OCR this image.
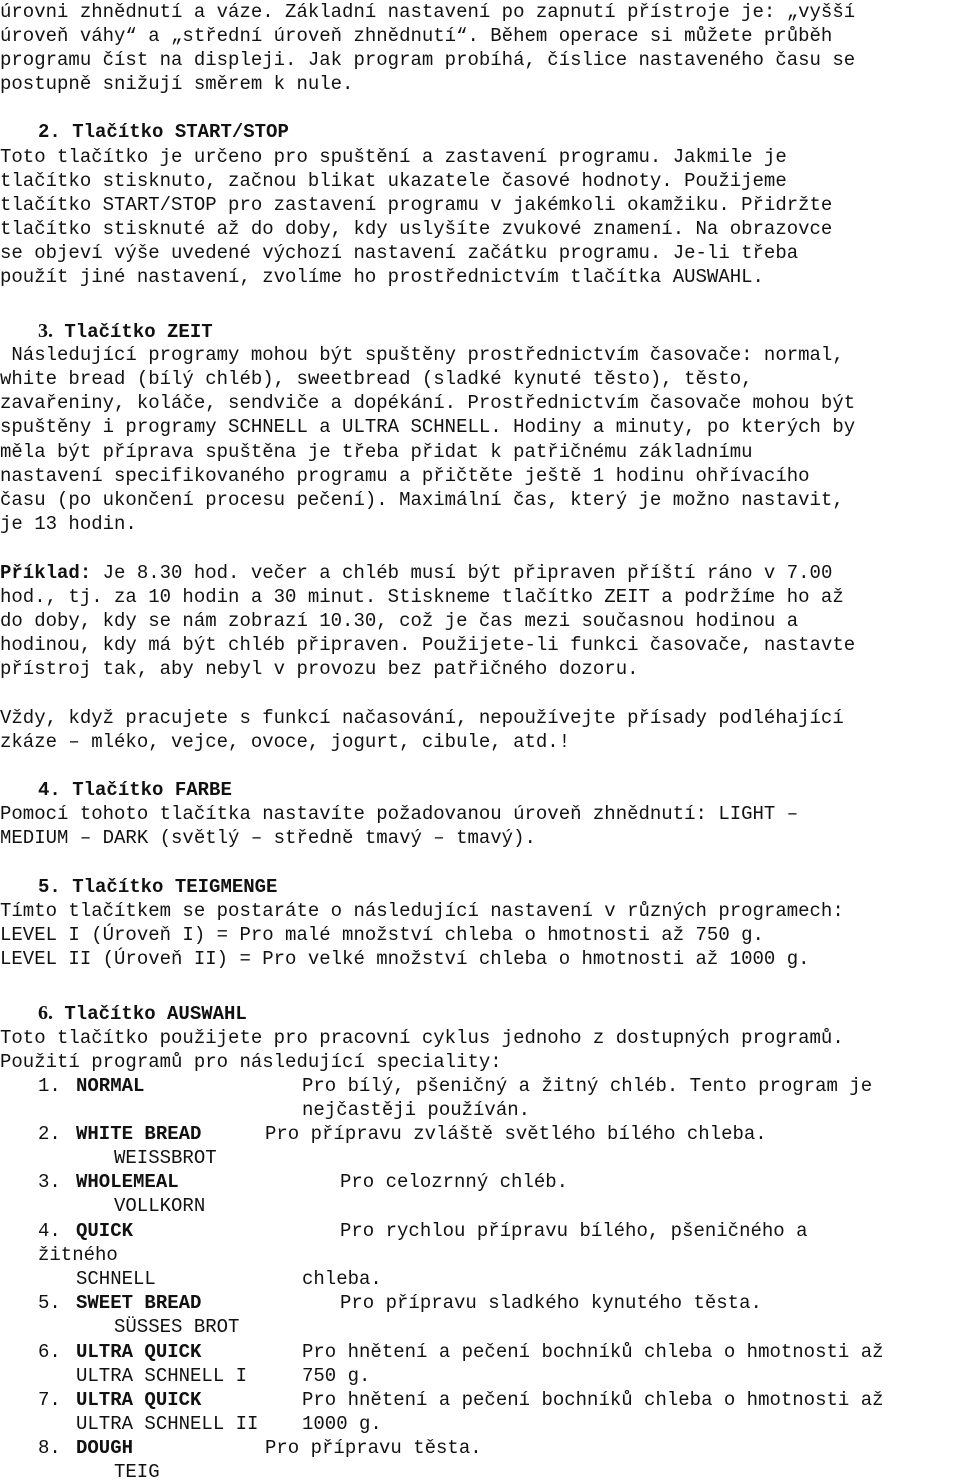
úrovni zhnědnutí a váze. Základní nastavení po zapnutí přístroje je: „vyšší
úroveň váhy“ a „střední úroveň zhnědnutí“. Během operace si můžete průběh
programu číst na displeji. Jak program probíhá, číslice nastaveného času se
postupně snižují směrem k nule.
2. Tlačítko START/STOP
Toto tlačítko je určeno pro spuštění a zastavení programu. Jakmile je
tlačítko stisknuto, začnou blikat ukazatele časové hodnoty. Použijeme
tlačítko START/STOP pro zastavení programu v jakémkoli okamžiku. Přidržte
tlačítko stisknuté až do doby, kdy uslyšíte zvukové znamení. Na obrazovce
se objeví výše uvedené výchozí nastavení začátku programu. Je-li třeba
použít jiné nastavení, zvolíme ho prostřednictvím tlačítka AUSWAHL.
3. Tlačítko ZEIT
Následující programy mohou být spuštěny prostřednictvím časovače: normal,
white bread (bílý chléb), sweetbread (sladké kynuté těsto), těsto,
zavařeniny, koláče, sendviče a dopékání. Prostřednictvím časovače mohou být
spuštěny i programy SCHNELL a ULTRA SCHNELL. Hodiny a minuty, po kterých by
měla být příprava spuštěna je třeba přidat k patřičnému základnímu
nastavení specifikovaného programu a přičtěte ještě 1 hodinu ohřívacího
času (po ukončení procesu pečení). Maximální čas, který je možno nastavit,
je 13 hodin.
Příklad: Je 8.30 hod. večer a chléb musí být připraven příští ráno v 7.00
hod., tj. za 10 hodin a 30 minut. Stiskneme tlačítko ZEIT a podržíme ho až
do doby, kdy se nám zobrazí 10.30, což je čas mezi současnou hodinou a
hodinou, kdy má být chléb připraven. Použijete-li funkci časovače, nastavte
přístroj tak, aby nebyl v provozu bez patřičného dozoru.
Vždy, když pracujete s funkcí načasování, nepoužívejte přísady podléhající
zkáze – mléko, vejce, ovoce, jogurt, cibule, atd.!
4. Tlačítko FARBE
Pomocí tohoto tlačítka nastavíte požadovanou úroveň zhnědnutí: LIGHT –
MEDIUM – DARK (světlý – středně tmavý – tmavý).
5. Tlačítko TEIGMENGE
Tímto tlačítkem se postaráte o následující nastavení v různých programech:
LEVEL I (Úroveň I) = Pro malé množství chleba o hmotnosti až 750 g.
LEVEL II (Úroveň II) = Pro velké množství chleba o hmotnosti až 1000 g.
6. Tlačítko AUSWAHL
Toto tlačítko použijete pro pracovní cyklus jednoho z dostupných programů.
Použití programů pro následující speciality:
1. NORMAL	Pro bílý, pšeničný a žitný chléb. Tento program je
nejčastěji používán.
2. WHITE BREAD	Pro přípravu zvláště světlého bílého chleba.
WEISSBROT
3. WHOLEMEAL	Pro celozrnný chléb.
VOLLKORN
4. QUICK	Pro rychlou přípravu bílého, pšeničného a
žitného
SCHNELL	chleba.
5. SWEET BREAD	Pro přípravu sladkého kynutého těsta.
SÜSSES BROT
6. ULTRA QUICK	Pro hnětení a pečení bochníků chleba o hmotnosti až
ULTRA SCHNELL I	750 g.
7. ULTRA QUICK	Pro hnětení a pečení bochníků chleba o hmotnosti až
ULTRA SCHNELL II 1000 g.
8. DOUGH	Pro přípravu těsta.
TEIG
